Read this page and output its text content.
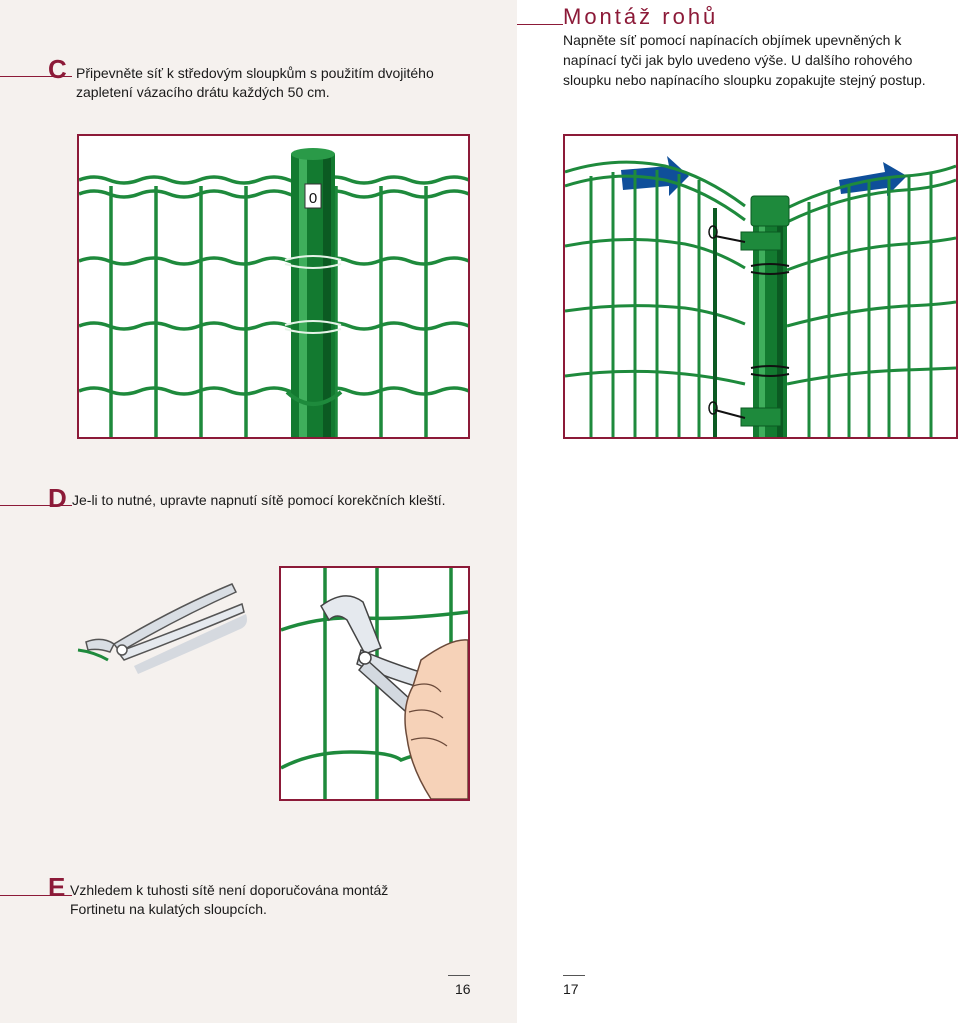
C Připevněte síť k středovým sloupkům s použitím dvojitého zapletení vázacího drátu každých 50 cm.
0
D Je-li to nutné, upravte napnutí sítě pomocí korekčních kleští.
E Vzhledem k tuhosti sítě není doporučována montáž Fortinetu na kulatých sloupcích.
16
Montáž rohů
Napněte síť pomocí napínacích objímek upevněných k napínací tyči jak bylo uvedeno výše. U dalšího rohového sloupku nebo napínacího sloupku zopakujte stejný postup.
17
